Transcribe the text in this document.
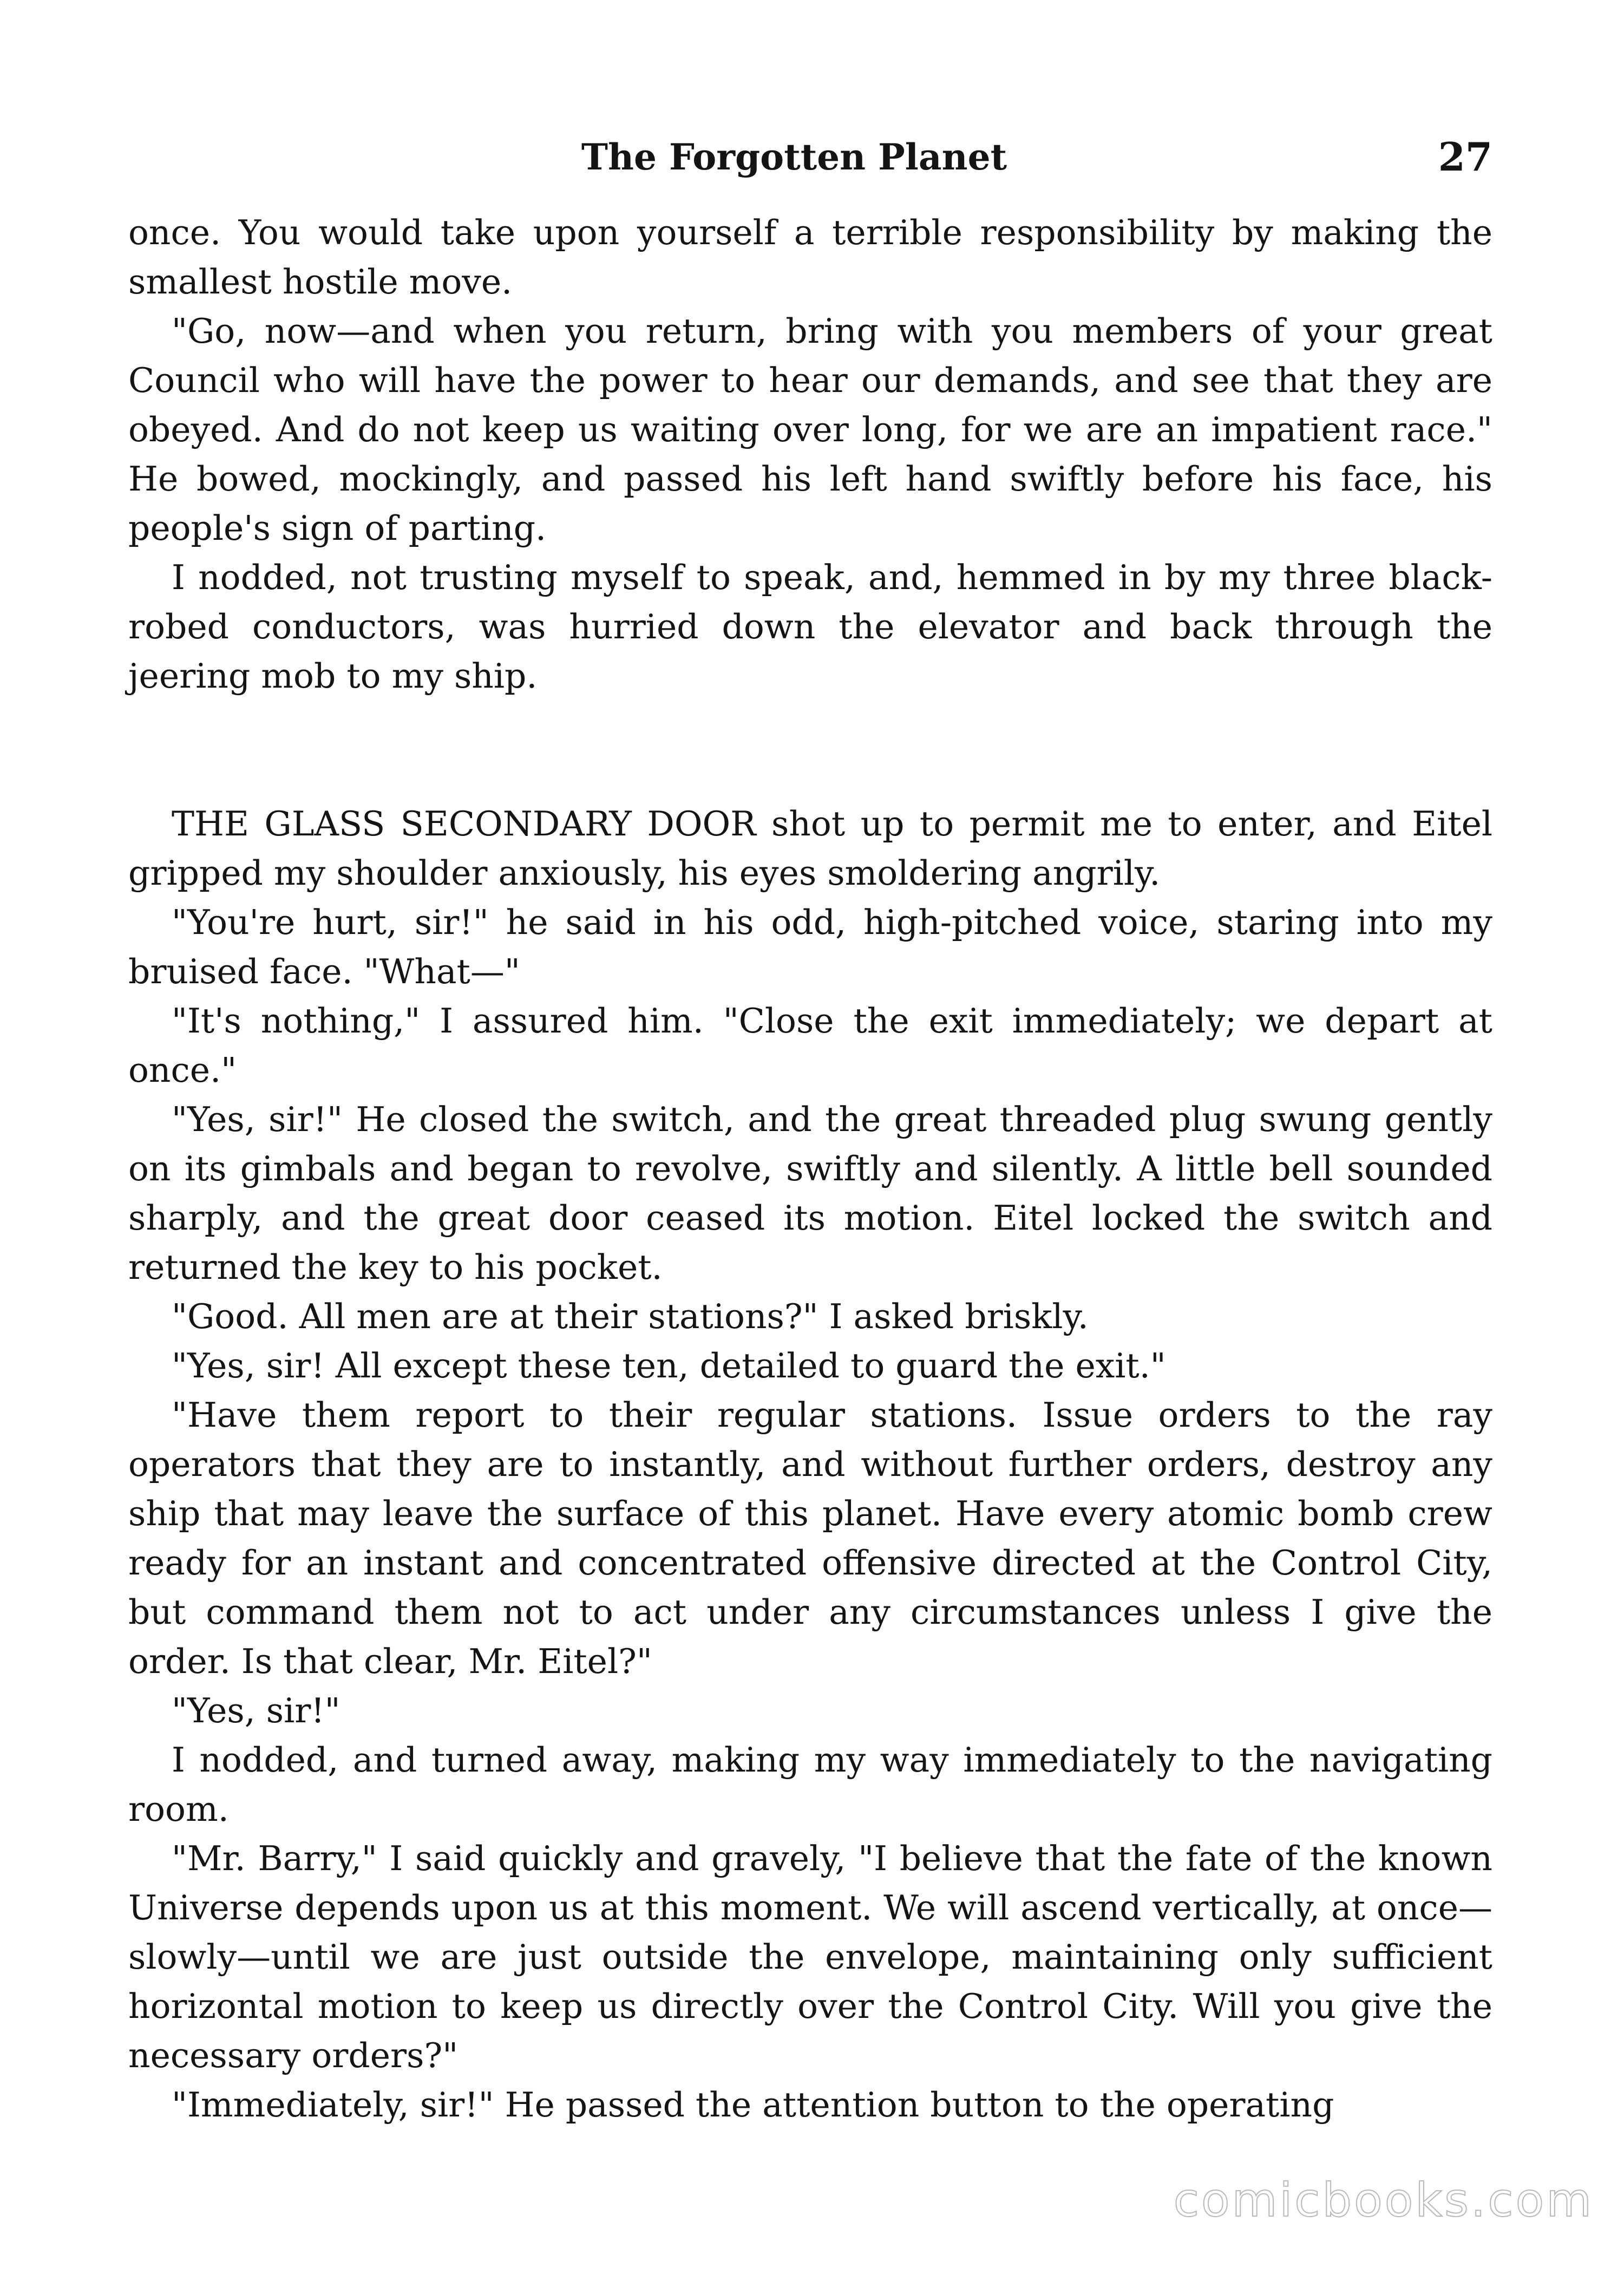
The Forgotten Planet	27

once. You would take upon yourself a terrible responsibility by making the smallest hostile move.

"Go, now—and when you return, bring with you members of your great Council who will have the power to hear our demands, and see that they are obeyed. And do not keep us waiting over long, for we are an impatient race." He bowed, mockingly, and passed his left hand swiftly before his face, his people's sign of parting.

I nodded, not trusting myself to speak, and, hemmed in by my three black-robed conductors, was hurried down the elevator and back through the jeering mob to my ship.

THE GLASS SECONDARY DOOR shot up to permit me to enter, and Eitel gripped my shoulder anxiously, his eyes smoldering angrily.

"You're hurt, sir!" he said in his odd, high-pitched voice, staring into my bruised face. "What—"

"It's nothing," I assured him. "Close the exit immediately; we depart at once."

"Yes, sir!" He closed the switch, and the great threaded plug swung gently on its gimbals and began to revolve, swiftly and silently. A little bell sounded sharply, and the great door ceased its motion. Eitel locked the switch and returned the key to his pocket.

"Good. All men are at their stations?" I asked briskly.

"Yes, sir! All except these ten, detailed to guard the exit."

"Have them report to their regular stations. Issue orders to the ray operators that they are to instantly, and without further orders, destroy any ship that may leave the surface of this planet. Have every atomic bomb crew ready for an instant and concentrated offensive directed at the Control City, but command them not to act under any circumstances unless I give the order. Is that clear, Mr. Eitel?"

"Yes, sir!"

I nodded, and turned away, making my way immediately to the navigating room.

"Mr. Barry," I said quickly and gravely, "I believe that the fate of the known Universe depends upon us at this moment. We will ascend vertically, at once—slowly—until we are just outside the envelope, maintaining only sufficient horizontal motion to keep us directly over the Control City. Will you give the necessary orders?"

"Immediately, sir!" He passed the attention button to the operating

comicbooks.com
